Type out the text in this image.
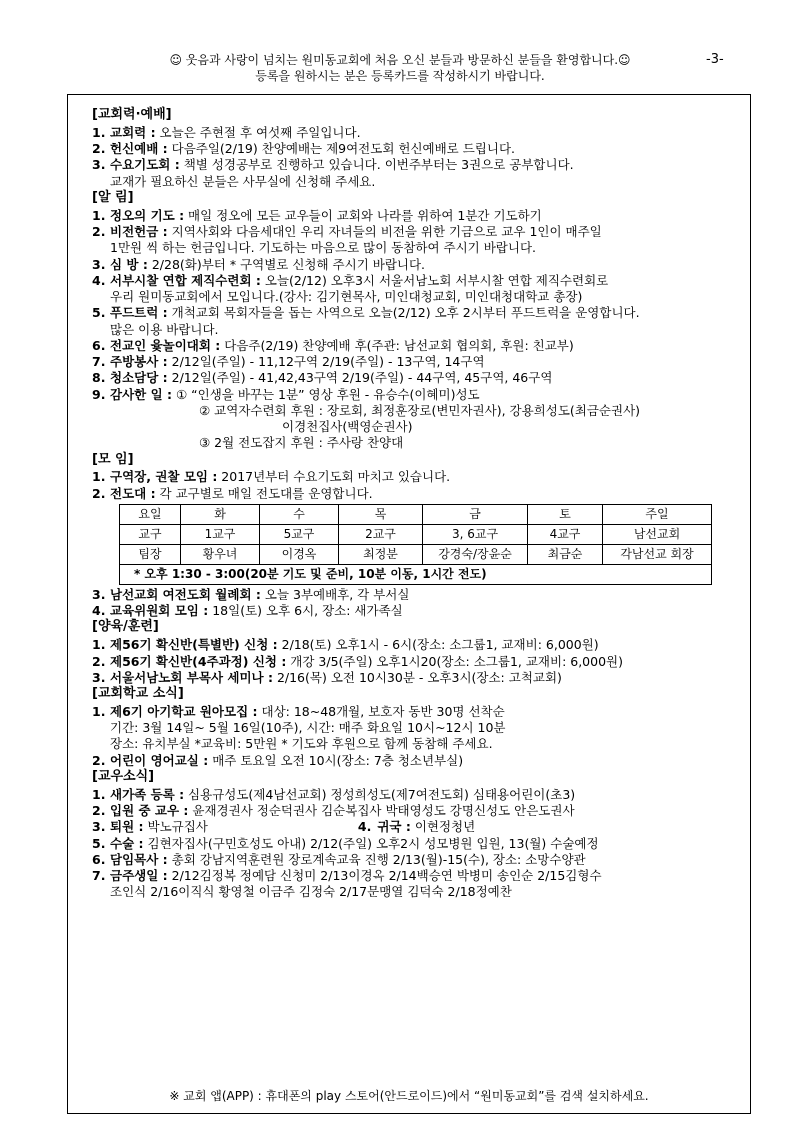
☺ 웃음과 사랑이 넘치는 원미동교회에 처음 오신 분들과 방문하신 분들을 환영합니다.☺
등록을 원하시는 분은 등록카드를 작성하시기 바랍니다.
-3-
[교회력·예배]
1. 교회력 : 오늘은 주현절 후 여섯째 주일입니다.
2. 헌신예배 : 다음주일(2/19) 찬양예배는 제9여전도회 헌신예배로 드립니다.
3. 수요기도회 : 책별 성경공부로 진행하고 있습니다. 이번주부터는 3권으로 공부합니다.
교재가 필요하신 분들은 사무실에 신청해 주세요.
[알 림]
1. 정오의 기도 : 매일 정오에 모든 교우들이 교회와 나라를 위하여 1분간 기도하기
2. 비전헌금 : 지역사회와 다음세대인 우리 자녀들의 비전을 위한 기금으로 교우 1인이 매주일
1만원 씩 하는 헌금입니다. 기도하는 마음으로 많이 동참하여 주시기 바랍니다.
3. 심 방 : 2/28(화)부터 * 구역별로 신청해 주시기 바랍니다.
4. 서부시찰 연합 제직수련회 : 오늘(2/12) 오후3시 서울서남노회 서부시찰 연합 제직수련회로
우리 원미동교회에서 모입니다.(강사: 김기현목사, 미인대청교회, 미인대청대학교 총장)
5. 푸드트럭 : 개척교회 목회자들을 돕는 사역으로 오늘(2/12) 오후 2시부터 푸드트럭을 운영합니다.
많은 이용 바랍니다.
6. 전교인 윷놀이대회 : 다음주(2/19) 찬양예배 후(주관: 남선교회 협의회, 후원: 친교부)
7. 주방봉사 : 2/12일(주일) - 11,12구역 2/19(주일) - 13구역, 14구역
8. 청소담당 : 2/12일(주일) - 41,42,43구역 2/19(주일) - 44구역, 45구역, 46구역
9. 감사한 일 : ① “인생을 바꾸는 1분” 영상 후원 - 유승수(이혜미)성도
② 교역자수련회 후원 : 장로회, 최정훈장로(변민자권사), 강용희성도(최금순권사)
이경천집사(백영순권사)
③ 2월 전도잡지 후원 : 주사랑 찬양대
[모 임]
1. 구역장, 권찰 모임 : 2017년부터 수요기도회 마치고 있습니다.
2. 전도대 : 각 교구별로 매일 전도대를 운영합니다.
요일	화	수	목	금	토	주일
교구	1교구	5교구	2교구	3, 6교구	4교구	남선교회
팀장	황우녀	이경옥	최정분	강경숙/장윤순	최금순	각남선교 회장
* 오후 1:30 - 3:00(20분 기도 및 준비, 10분 이동, 1시간 전도)						
3. 남선교회 여전도회 월례회 : 오늘 3부예배후, 각 부서실
4. 교육위원회 모임 : 18일(토) 오후 6시, 장소: 새가족실
[양육/훈련]
1. 제56기 확신반(특별반) 신청 : 2/18(토) 오후1시 - 6시(장소: 소그룹1, 교재비: 6,000원)
2. 제56기 확신반(4주과정) 신청 : 개강 3/5(주일) 오후1시20(장소: 소그룹1, 교재비: 6,000원)
3. 서울서남노회 부목사 세미나 : 2/16(목) 오전 10시30분 - 오후3시(장소: 고척교회)
[교회학교 소식]
1. 제6기 아기학교 원아모집 : 대상: 18~48개월, 보호자 동반 30명 선착순
기간: 3월 14일~ 5월 16일(10주), 시간: 매주 화요일 10시~12시 10분
장소: 유치부실 *교육비: 5만원 * 기도와 후원으로 함께 동참해 주세요.
2. 어린이 영어교실 : 매주 토요일 오전 10시(장소: 7층 청소년부실)
[교우소식]
1. 새가족 등록 : 심용규성도(제4남선교회) 정성희성도(제7여전도회) 심태용어린이(초3)
2. 입원 중 교우 : 윤재경권사 정순덕권사 김순복집사 박태영성도 강명신성도 안은도권사
3. 퇴원 : 박노규집사	4. 귀국 : 이현정청년
5. 수술 : 김현자집사(구민호성도 아내) 2/12(주일) 오후2시 성모병원 입원, 13(월) 수술예정
6. 담임목사 : 총회 강남지역훈련원 장로계속교육 진행 2/13(월)-15(수), 장소: 소망수양관
7. 금주생일 : 2/12김정복 정예담 신청미 2/13이경옥 2/14백승연 박병미 송인순 2/15김형수
조인식 2/16이직식 황영철 이금주 김정숙 2/17문맹열 김덕숙 2/18정예찬
※ 교회 앱(APP) : 휴대폰의 play 스토어(안드로이드)에서 “원미동교회”를 검색 설치하세요.
